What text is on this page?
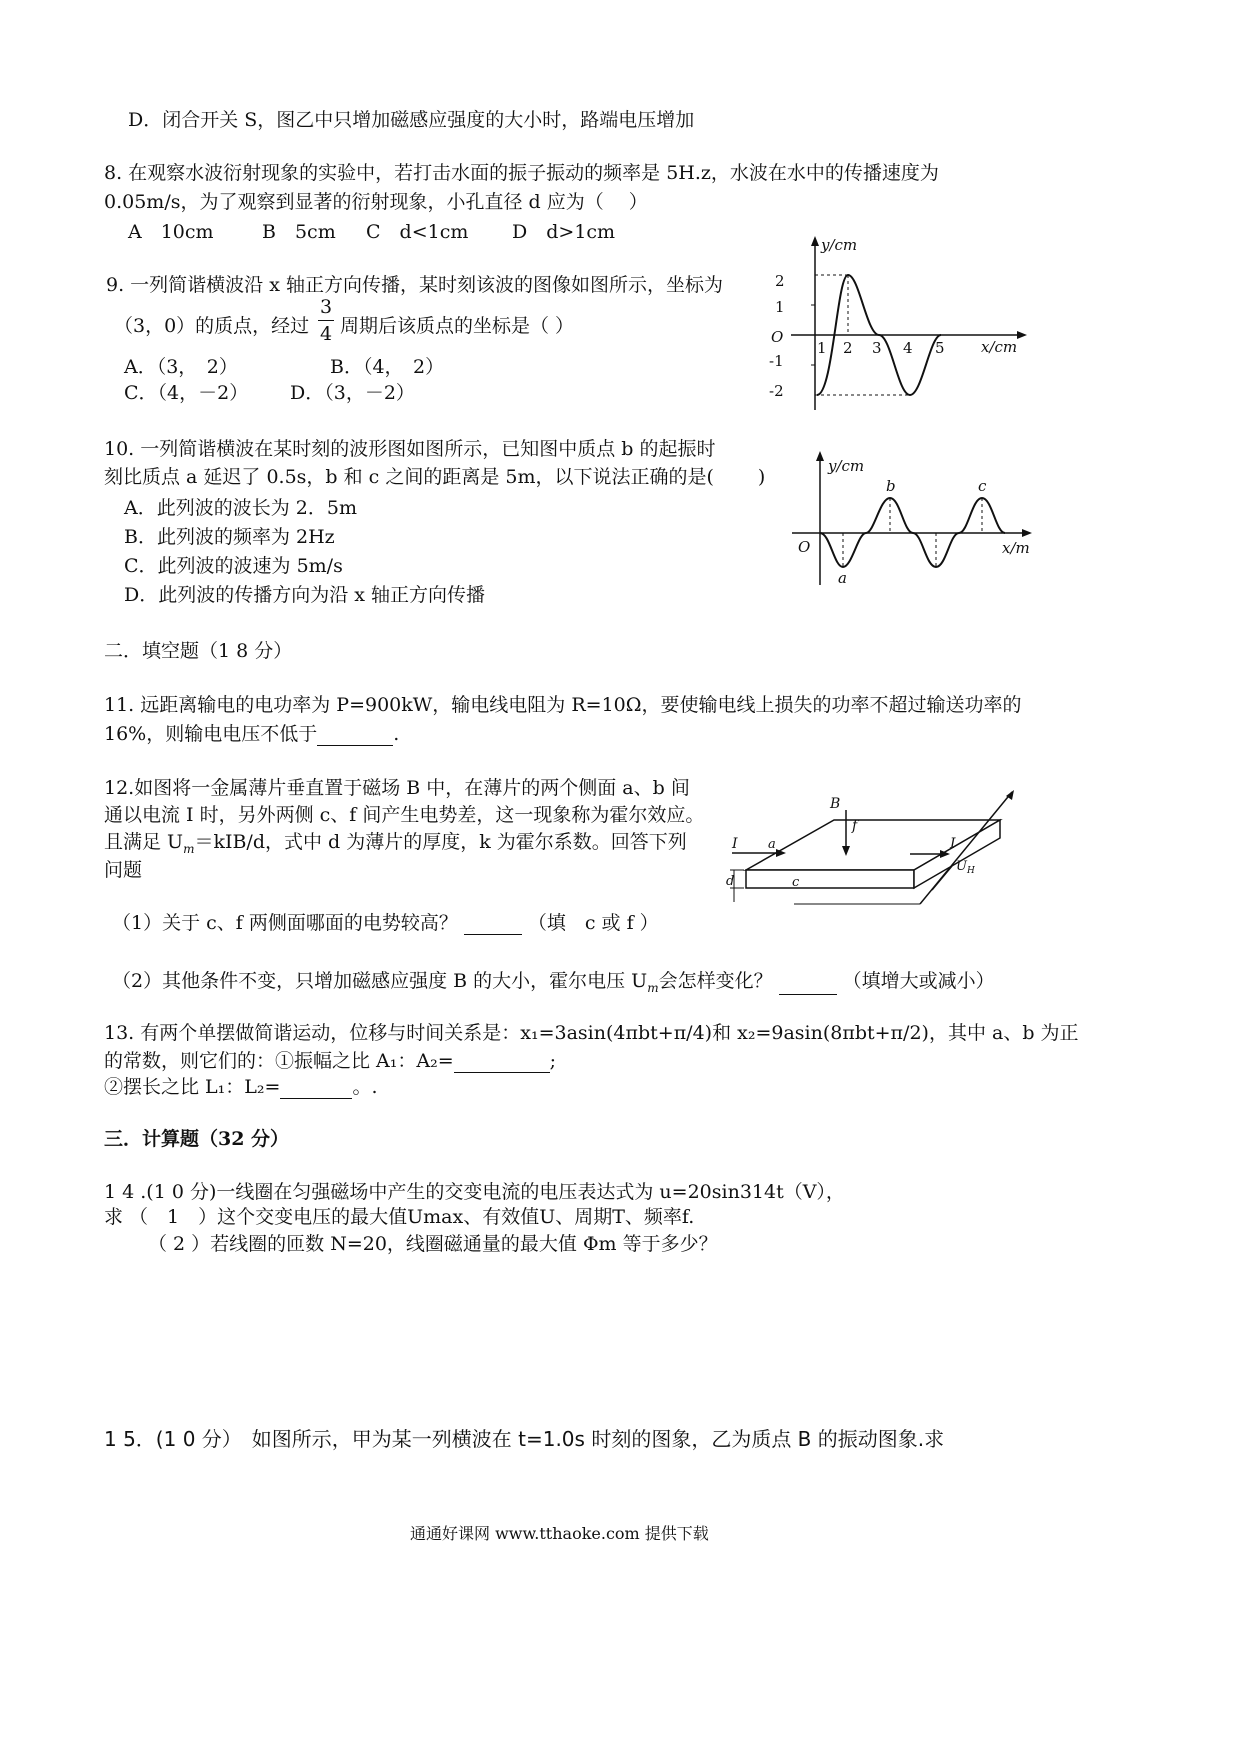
D．闭合开关 S，图乙中只增加磁感应强度的大小时，路端电压增加
8. 在观察水波衍射现象的实验中，若打击水面的振子振动的频率是 5H.z，水波在水中的传播速度为
0.05m/s，为了观察到显著的衍射现象，小孔直径 d 应为（　 ）
A　10cm	B　5cm C　d<1cm D　d>1cm
9. 一列简谐横波沿 x 轴正方向传播，某时刻该波的图像如图所示，坐标为
（3，0）的质点，经过
3
4 周期后该质点的坐标是（ ）
A．（3，　2）	B．（4，　2）
C．（4，－2） D．（3，－2）
y/cm
x/cm
O
2
1
-1
-2
1 2 3 4 5
10. 一列简谐横波在某时刻的波形图如图所示，已知图中质点 b 的起振时
刻比质点 a 延迟了 0.5s，b 和 c 之间的距离是 5m，以下说法正确的是(　　 )
A．此列波的波长为 2．5m
B．此列波的频率为 2Hz
C．此列波的波速为 5m/s
D．此列波的传播方向为沿 x 轴正方向传播
y/cm
x/m
O
a
b	c
二．填空题（1 8 分）
11. 远距离输电的电功率为 P=900kW，输电线电阻为 R=10Ω，要使输电线上损失的功率不超过输送功率的
16%，则输电电压不低于	.
12.如图将一金属薄片垂直置于磁场 B 中，在薄片的两个侧面 a、b 间
通以电流 I 时，另外两侧 c、f 间产生电势差，这一现象称为霍尔效应。
且满足 $U_m=kIB/d$，式中 d 为薄片的厚度，k 为霍尔系数。回答下列
问题
B
f
I a	I
d	c
$U_H$
（1）关于 c、f 两侧面哪面的电势较高？	（填　c 或 f ）
（2）其他条件不变，只增加磁感应强度 B 的大小，霍尔电压 $U_m$会怎样变化？	（填增大或减小）
13. 有两个单摆做简谐运动，位移与时间关系是：x₁=3asin(4πbt+π/4)和 x₂=9asin(8πbt+π/2)，其中 a、b 为正
的常数，则它们的：①振幅之比 A₁：A₂=	;
②摆长之比 L₁：L₂=	。.
三．计算题（32 分）
1 4 .(1 0 分)一线圈在匀强磁场中产生的交变电流的电压表达式为 u=20sin314t（V），
求 （　1　）这个交变电压的最大值Umax、有效值U、周期T、频率f.
（ 2 ）若线圈的匝数 N=20，线圈磁通量的最大值 Φm 等于多少？
1 5．(1 0 分）　如图所示，甲为某一列横波在 t=1.0s 时刻的图象，乙为质点 B 的振动图象.求
通通好课网 www.tthaoke.com 提供下载
